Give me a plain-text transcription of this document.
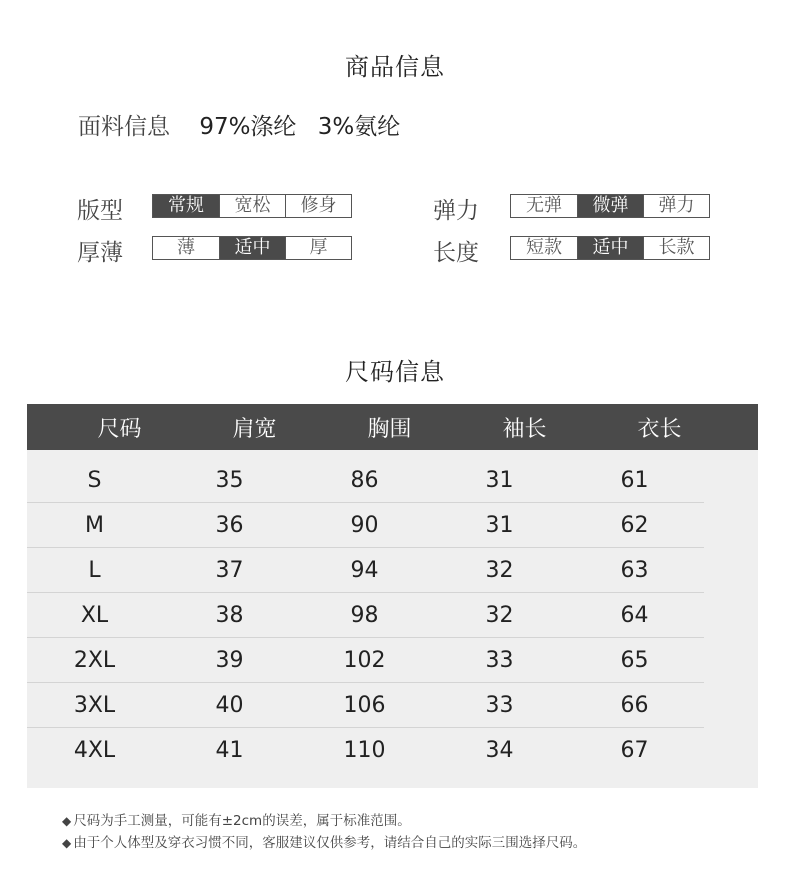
商品信息
面料信息 97%涤纶 3%氨纶
版型	常规	宽松	修身	弹力	无弹	微弹	弹力
厚薄	薄	适中	厚	长度	短款	适中	长款
尺码信息
尺码	肩宽	胸围	袖长	衣长
S	35	86	31	61
M	36	90	31	62
L	37	94	32	63
XL	38	98	32	64
2XL	39	102	33	65
3XL	40	106	33	66
4XL	41	110	34	67
◆ 尺码为手工测量，可能有±2cm的误差，属于标准范围。
◆ 由于个人体型及穿衣习惯不同，客服建议仅供参考，请结合自己的实际三围选择尺码。
